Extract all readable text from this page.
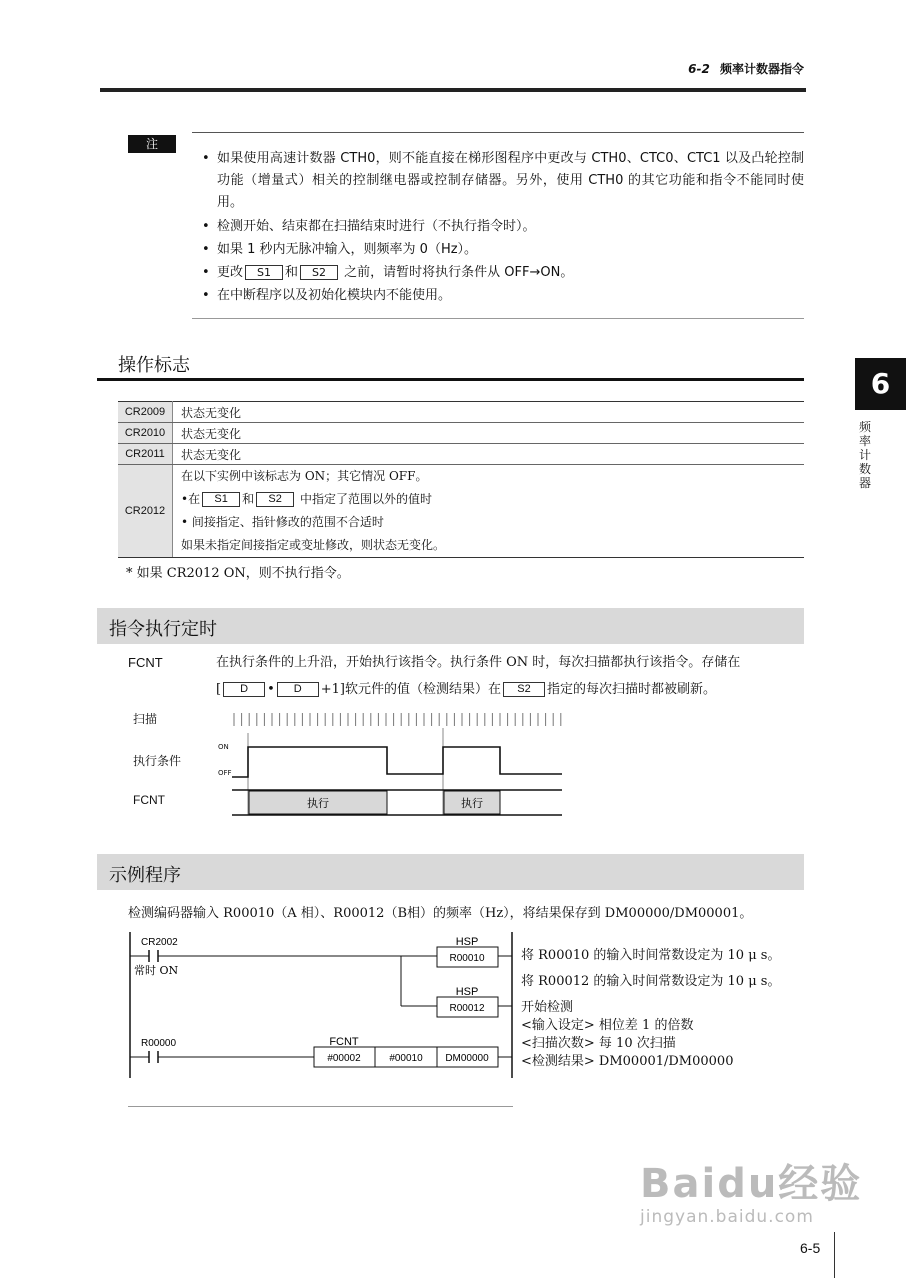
6-2 频率计数器指令
6
频率计数器
注
• 如果使用高速计数器 CTH0，则不能直接在梯形图程序中更改与 CTH0、CTC0、CTC1 以及凸轮控制功能（增量式）相关的控制继电器或控制存储器。另外，使用 CTH0 的其它功能和指令不能同时使用。
• 检测开始、结束都在扫描结束时进行（不执行指令时）。
• 如果 1 秒内无脉冲输入，则频率为 0（Hz）。
• 更改 S1 和 S2 之前，请暂时将执行条件从 OFF→ON。
• 在中断程序以及初始化模块内不能使用。
操作标志
CR2009	状态无变化
CR2010	状态无变化
CR2011	状态无变化
CR2012	在以下实例中该标志为 ON；其它情况 OFF。
•在 S1 和 S2 中指定了范围以外的值时
• 间接指定、指针修改的范围不合适时
如果未指定间接指定或变址修改，则状态无变化。
* 如果 CR2012 ON，则不执行指令。
指令执行定时
FCNT	在执行条件的上升沿，开始执行该指令。执行条件 ON 时，每次扫描都执行该指令。存储在
[ D • D +1]软元件的值（检测结果）在 S2 指定的每次扫描时都被刷新。
扫描
执行条件
FCNT
ON
OFF
执行	执行
示例程序
检测编码器输入 R00010（A 相）、R00012（B相）的频率（Hz），将结果保存到 DM00000/DM00001。
CR2002
常时 ON
HSP
R00010
HSP
R00012
R00000	FCNT
#00002	#00010 DM00000
将 R00010 的输入时间常数设定为 10 μ s。
将 R00012 的输入时间常数设定为 10 μ s。
开始检测
<输入设定> 相位差 1 的倍数
<扫描次数> 每 10 次扫描
<检测结果> DM00001/DM00000
Baidu经验
jingyan.baidu.com
6-5
